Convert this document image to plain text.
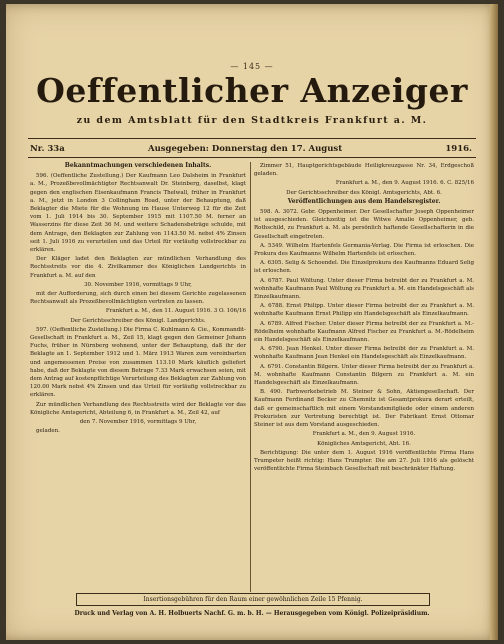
— 145 —
Oeffentlicher Anzeiger
zu dem Amtsblatt für den Stadtkreis Frankfurt a. M.
Nr. 33a	Ausgegeben: Donnerstag den 17. August	1916.

Bekanntmachungen verschiedenen Inhalts.

596. (Oeffentliche Zustellung.) Der Kaufmann Leo Dalsheim in Frankfurt a. M., Prozeßbevollmächtigter Rechtsanwalt Dr. Steinberg, daselbst, klagt gegen den englischen Eisenkaufmann Francis Thelwall, früher in Frankfurt a. M., jetzt in London 3 Collingham Road, unter der Behauptung, daß Beklagter die Miete für die Wohnung im Hause Unterweg 12 für die Zeit vom 1. Juli 1914 bis 30. September 1915 mit 1107.50 M. ferner an Wasserzins für diese Zeit 36 M. und weitere Schadensbeträge schulde, mit dem Antrage, den Beklagten zur Zahlung von 1143.50 M. nebst 4% Zinsen seit 1. Juli 1916 zu verurteilen und das Urteil für vorläufig vollstreckbar zu erklären.

Der Kläger ladet den Beklagten zur mündlichen Verhandlung des Rechtsstreits vor die 4. Zivilkammer des Königlichen Landgerichts in Frankfurt a. M. auf den

30. November 1916, vormittags 9 Uhr,

mit der Aufforderung, sich durch einen bei diesem Gerichte zugelassenen Rechtsanwalt als Prozeßbevollmächtigten vertreten zu lassen.

Frankfurt a. M., den 11. August 1916. 3 O. 106/16

Der Gerichtsschreiber des Königl. Landgerichts.

597. (Oeffentliche Zustellung.) Die Firma C. Kuhlmann & Cie., Kommandit-Gesellschaft in Frankfurt a. M., Zeil 15, klagt gegen den Gemeiner Johann Fuchs, früher in Nürnberg wohnend, unter der Behauptung, daß ihr der Beklagte an 1. September 1912 und 1. März 1913 Waren zum vereinbarten und angemessenen Preise von zusammen 113.10 Mark käuflich geliefert habe, daß der Beklagte von diesem Betrage 7.33 Mark erwachsen seien, mit dem Antrag auf kostenpflichtige Verurteilung des Beklagten zur Zahlung von 120.00 Mark nebst 4% Zinsen und das Urteil für vorläufig vollstreckbar zu erklären.

Zur mündlichen Verhandlung des Rechtsstreits wird der Beklagte vor das Königliche Amtsgericht, Abteilung 6, in Frankfurt a. M., Zeil 42, auf

den 7. November 1916, vormittags 9 Uhr,

geladen.

Zimmer 51, Hauptgerichtsgebäude Heiligkreuzgasse Nr. 34, Erdgeschoß geladen.

Frankfurt a. M., den 9. August 1916. 6. C. 825/16

Der Gerichtsschreiber des Königl. Amtsgerichts, Abt. 6.

Veröffentlichungen aus dem Handelsregister.

598. A. 3072. Gebr. Oppenheimer. Der Gesellschafter Joseph Oppenheimer ist ausgeschieden. Gleichzeitig ist die Witwe Amalie Oppenheimer, geb. Rothschild, zu Frankfurt a. M. als persönlich haftende Gesellschafterin in die Gesellschaft eingetreten.

A. 5349. Wilhelm Hartenfels Germania-Verlag. Die Firma ist erloschen. Die Prokura des Kaufmanns Wilhelm Hartenfels ist erloschen.

A. 6305. Selig & Schoendel. Die Einzelprokura des Kaufmanns Eduard Selig ist erloschen.

A. 6787. Paul Wöltung. Unter dieser Firma betreibt der zu Frankfurt a. M. wohnhafte Kaufmann Paul Wöltung zu Frankfurt a. M. ein Handelsgeschäft als Einzelkaufmann.

A. 6788. Ernst Philipp. Unter dieser Firma betreibt der zu Frankfurt a. M. wohnhafte Kaufmann Ernst Philipp ein Handelsgeschäft als Einzelkaufmann.

A. 6789. Alfred Fischer. Unter dieser Firma betreibt der zu Frankfurt a. M.-Rödelheim wohnhafte Kaufmann Alfred Fischer zu Frankfurt a. M.-Rödelheim ein Handelsgeschäft als Einzelkaufmann.

A. 6790. Jean Henkel. Unter dieser Firma betreibt der zu Frankfurt a. M. wohnhafte Kaufmann Jean Henkel ein Handelsgeschäft als Einzelkaufmann.

A. 6791. Constantin Bilgern. Unter dieser Firma betreibt der zu Frankfurt a. M. wohnhafte Kaufmann Constantin Bilgern zu Frankfurt a. M. ein Handelsgeschäft als Einzelkaufmann.

B. 490. Farbwerkebetrieb M. Steiner & Sohn, Aktiengesellschaft. Der Kaufmann Ferdinand Becker zu Chemnitz ist Gesamtprokura derart erteilt, daß er gemeinschaftlich mit einem Vorstandsmitgliede oder einem anderen Prokuristen zur Vertretung berechtigt ist. Der Fabrikant Ernst Ottomar Steiner ist aus dem Vorstand ausgeschieden.

Frankfurt a. M., den 9. August 1916.

Königliches Amtsgericht, Abt. 16.

Berichtigung: Die unter dem 1. August 1916 veröffentlichte Firma Hans Trumpeter heißt richtig: Hans Trumpter. Die am 27. Juli 1916 als gelöscht veröffentlichte Firma Steinbach Gesellschaft mit beschränkter Haftung.

Insertionsgebühren für den Raum einer gewöhnlichen Zeile 15 Pfennig.
Druck und Verlag von A. H. Holbuerts Nachf. G. m. b. H. — Herausgegeben vom Königl. Polizeipräsidium.
